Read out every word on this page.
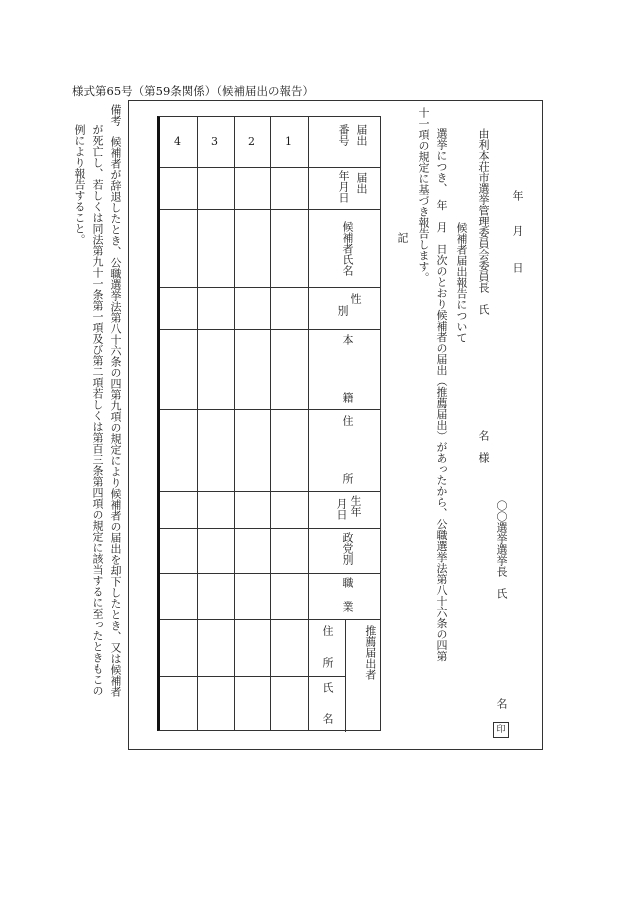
様式第65号（第59条関係）（候補届出の報告）
年
月
日
由利本荘市選挙管理委員会委員長　氏
名
様
〇〇選挙選挙長　氏
名
印
候補者届出報告について
選挙につき、　年　月　日次のとおり候補者の届出（推薦届出）があったから、公職選挙法第八十六条の四第
十一項の規定に基づき報告します。
記
1
2
3
4	届出
番号
届出
年月日
候補者氏名
性
別
本
籍
住
所
生年
月日
政党別
職
業
推薦届出者
住
所
氏
名
備考
候補者が辞退したとき、公職選挙法第八十六条の四第九項の規定により候補者の届出を却下したとき、又は候補者
が死亡し、若しくは同法第九十一条第一項及び第二項若しくは第百三条第四項の規定に該当するに至ったときもこの
例により報告すること。
